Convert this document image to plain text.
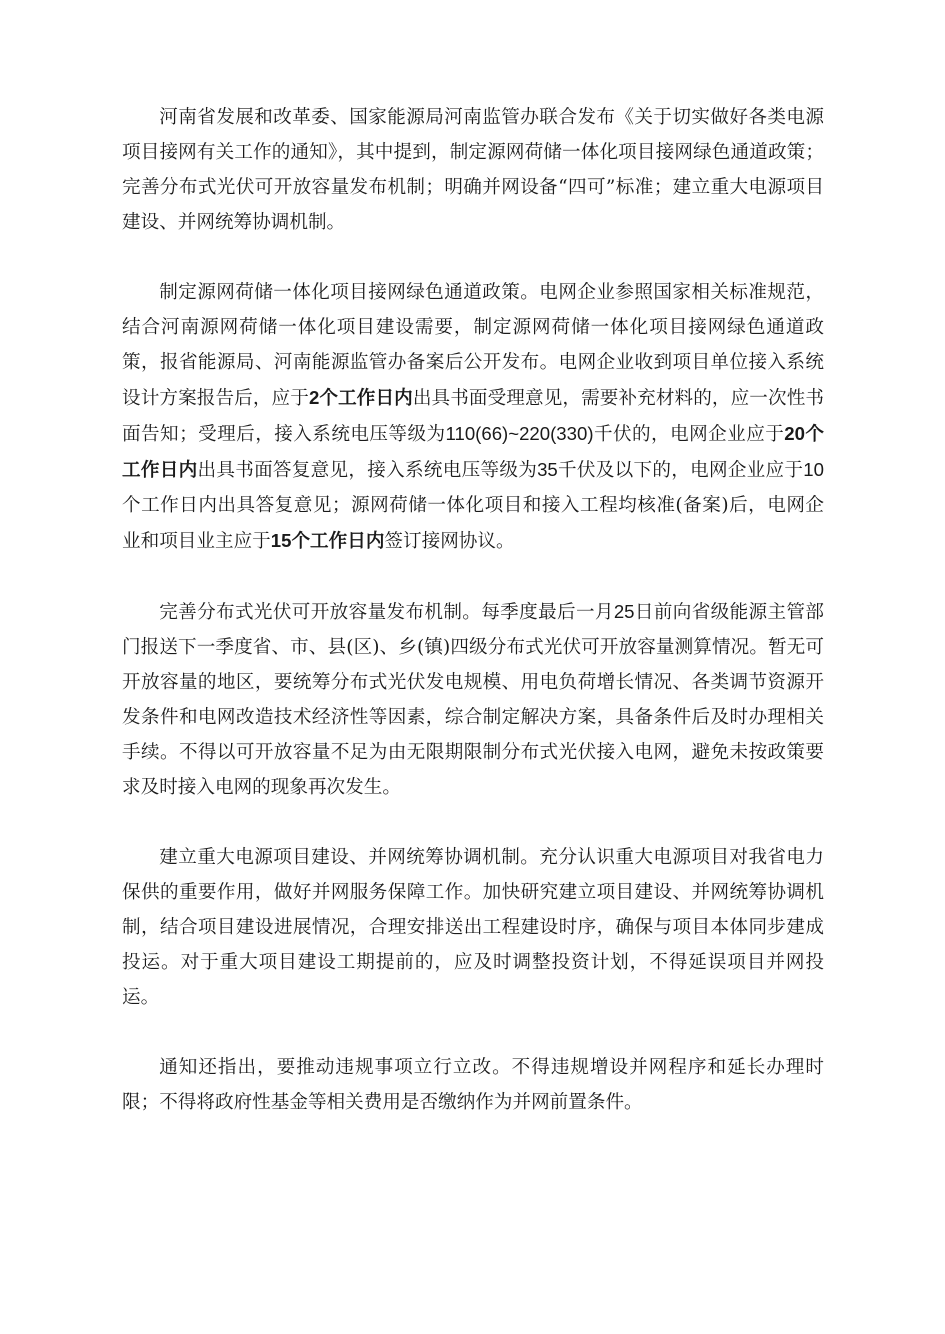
河南省发展和改革委、国家能源局河南监管办联合发布《关于切实做好各类电源项目接网有关工作的通知》，其中提到，制定源网荷储一体化项目接网绿色通道政策；完善分布式光伏可开放容量发布机制；明确并网设备“四可”标准；建立重大电源项目建设、并网统筹协调机制。

制定源网荷储一体化项目接网绿色通道政策。电网企业参照国家相关标准规范，结合河南源网荷储一体化项目建设需要，制定源网荷储一体化项目接网绿色通道政策，报省能源局、河南能源监管办备案后公开发布。电网企业收到项目单位接入系统设计方案报告后，应于2个工作日内出具书面受理意见，需要补充材料的，应一次性书面告知；受理后，接入系统电压等级为110(66)~220(330)千伏的，电网企业应于20个工作日内出具书面答复意见，接入系统电压等级为35千伏及以下的，电网企业应于10个工作日内出具答复意见；源网荷储一体化项目和接入工程均核准(备案)后，电网企业和项目业主应于15个工作日内签订接网协议。

完善分布式光伏可开放容量发布机制。每季度最后一月25日前向省级能源主管部门报送下一季度省、市、县(区)、乡(镇)四级分布式光伏可开放容量测算情况。暂无可开放容量的地区，要统筹分布式光伏发电规模、用电负荷增长情况、各类调节资源开发条件和电网改造技术经济性等因素，综合制定解决方案，具备条件后及时办理相关手续。不得以可开放容量不足为由无限期限制分布式光伏接入电网，避免未按政策要求及时接入电网的现象再次发生。

建立重大电源项目建设、并网统筹协调机制。充分认识重大电源项目对我省电力保供的重要作用，做好并网服务保障工作。加快研究建立项目建设、并网统筹协调机制，结合项目建设进展情况，合理安排送出工程建设时序，确保与项目本体同步建成投运。对于重大项目建设工期提前的，应及时调整投资计划，不得延误项目并网投运。

通知还指出，要推动违规事项立行立改。不得违规增设并网程序和延长办理时限；不得将政府性基金等相关费用是否缴纳作为并网前置条件。
